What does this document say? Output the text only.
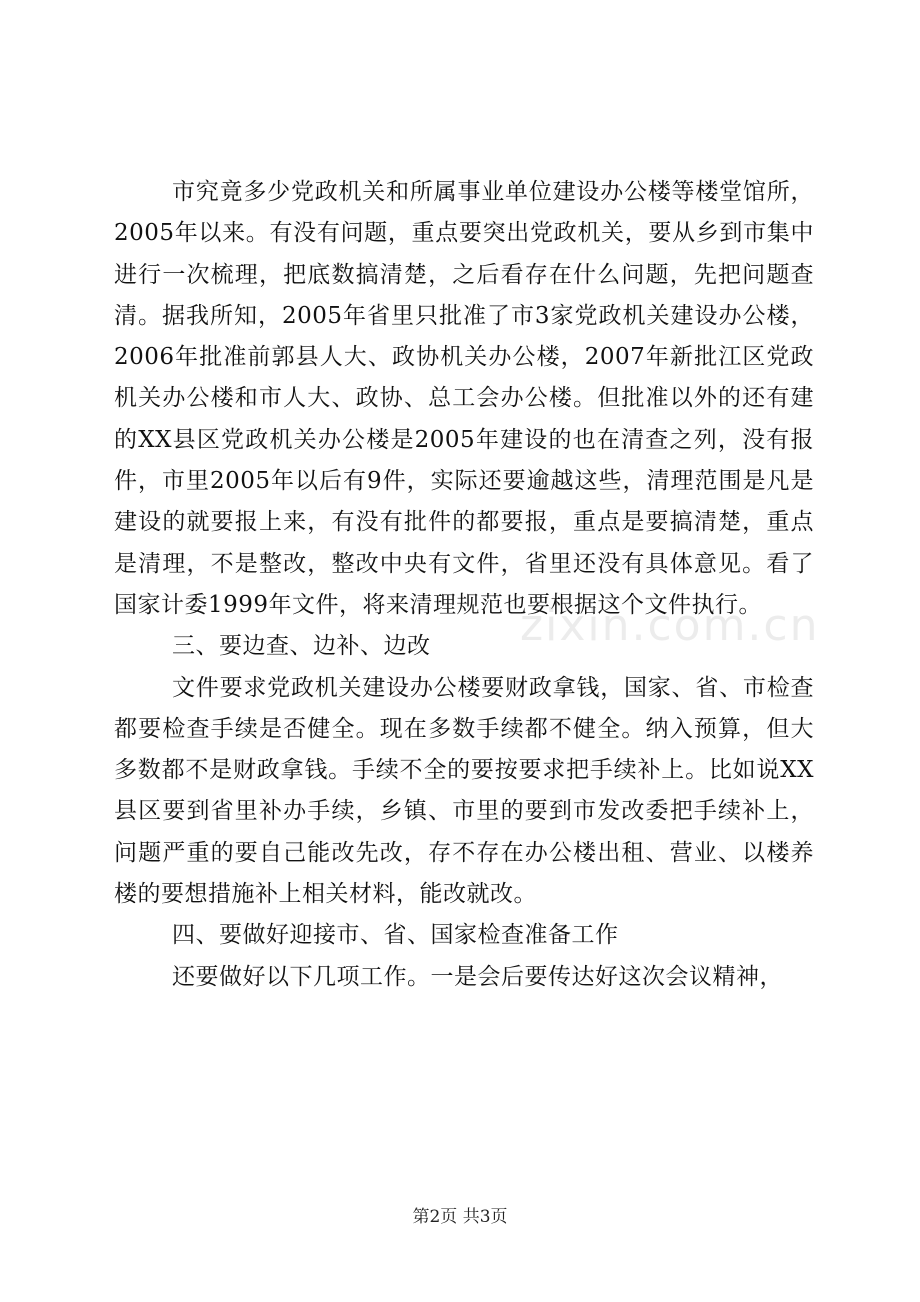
市究竟多少党政机关和所属事业单位建设办公楼等楼堂馆所，2005年以来。有没有问题，重点要突出党政机关，要从乡到市集中进行一次梳理，把底数搞清楚，之后看存在什么问题，先把问题查清。据我所知，2005年省里只批准了市3家党政机关建设办公楼，2006年批准前郭县人大、政协机关办公楼，2007年新批江区党政机关办公楼和市人大、政协、总工会办公楼。但批准以外的还有建的XX县区党政机关办公楼是2005年建设的也在清查之列，没有报件，市里2005年以后有9件，实际还要逾越这些，清理范围是凡是建设的就要报上来，有没有批件的都要报，重点是要搞清楚，重点是清理，不是整改，整改中央有文件，省里还没有具体意见。看了国家计委1999年文件，将来清理规范也要根据这个文件执行。

三、要边查、边补、边改

文件要求党政机关建设办公楼要财政拿钱，国家、省、市检查都要检查手续是否健全。现在多数手续都不健全。纳入预算，但大多数都不是财政拿钱。手续不全的要按要求把手续补上。比如说XX县区要到省里补办手续，乡镇、市里的要到市发改委把手续补上，问题严重的要自己能改先改，存不存在办公楼出租、营业、以楼养楼的要想措施补上相关材料，能改就改。

四、要做好迎接市、省、国家检查准备工作

还要做好以下几项工作。一是会后要传达好这次会议精神，

zixin.com.cn
第2页 共3页
